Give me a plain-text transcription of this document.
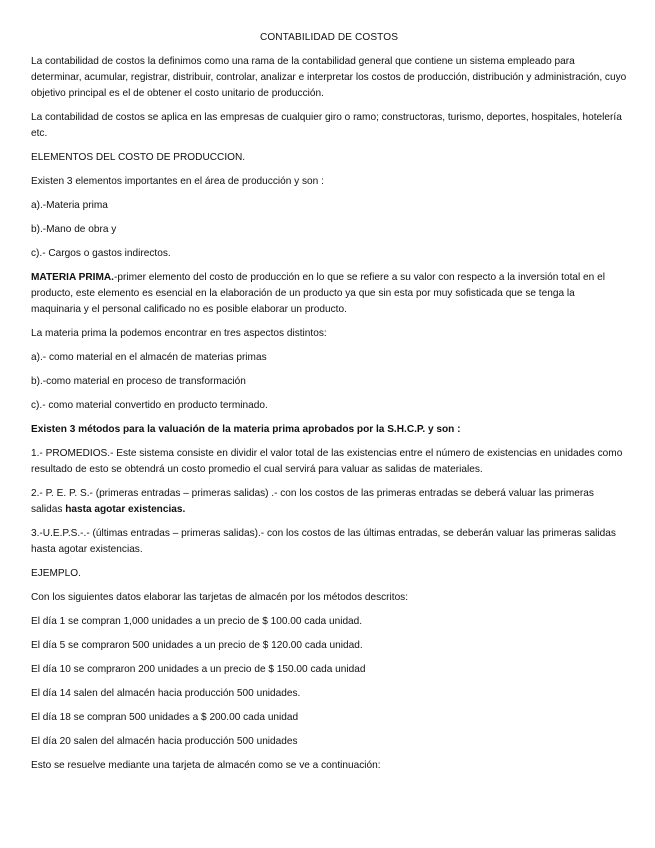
CONTABILIDAD DE COSTOS

La contabilidad de costos la definimos como una rama de la contabilidad general que contiene un sistema empleado para determinar, acumular, registrar, distribuir, controlar, analizar e interpretar los costos de producción, distribución y administración, cuyo objetivo principal es el de obtener el costo unitario de producción.

La contabilidad de costos se aplica en las empresas de cualquier giro o ramo; constructoras, turismo, deportes, hospitales, hotelería etc.

ELEMENTOS DEL COSTO DE PRODUCCION.

Existen 3 elementos importantes en el área de producción y son :

a).-Materia prima

b).-Mano de obra y

c).- Cargos o gastos indirectos.

MATERIA PRIMA.-primer elemento del costo de producción en lo que se refiere a su valor con respecto a la inversión total en el producto, este elemento es esencial en la elaboración de un producto ya que sin esta por muy sofisticada que se tenga la maquinaria y el personal calificado no es posible elaborar un producto.

La materia prima la podemos encontrar en tres aspectos distintos:

a).- como material en el almacén de materias primas

b).-como material en proceso de transformación

c).- como material convertido en producto terminado.

Existen 3 métodos para la valuación de la materia prima aprobados por la S.H.C.P. y son :

1.- PROMEDIOS.- Este sistema consiste en dividir el valor total de las existencias entre el número de existencias en unidades como resultado de esto se obtendrá un costo promedio el cual servirá para valuar as salidas de materiales.

2.- P. E. P. S.- (primeras entradas – primeras salidas) .- con los costos de las primeras entradas se deberá valuar las primeras salidas hasta agotar existencias.

3.-U.E.P.S.-.- (últimas entradas – primeras salidas).- con los costos de las últimas entradas, se deberán valuar las primeras salidas hasta agotar existencias.

EJEMPLO.

Con los siguientes datos elaborar las tarjetas de almacén por los métodos descritos:

El día 1 se compran 1,000 unidades a un precio de $ 100.00 cada unidad.

El día 5 se compraron 500 unidades a un precio de $ 120.00 cada unidad.

El día 10 se compraron 200 unidades a un precio de $ 150.00 cada unidad

El día 14 salen del almacén hacia producción 500 unidades.

El día 18 se compran 500 unidades a $ 200.00 cada unidad

El día 20 salen del almacén hacia producción 500 unidades

Esto se resuelve mediante una tarjeta de almacén como se ve a continuación:
